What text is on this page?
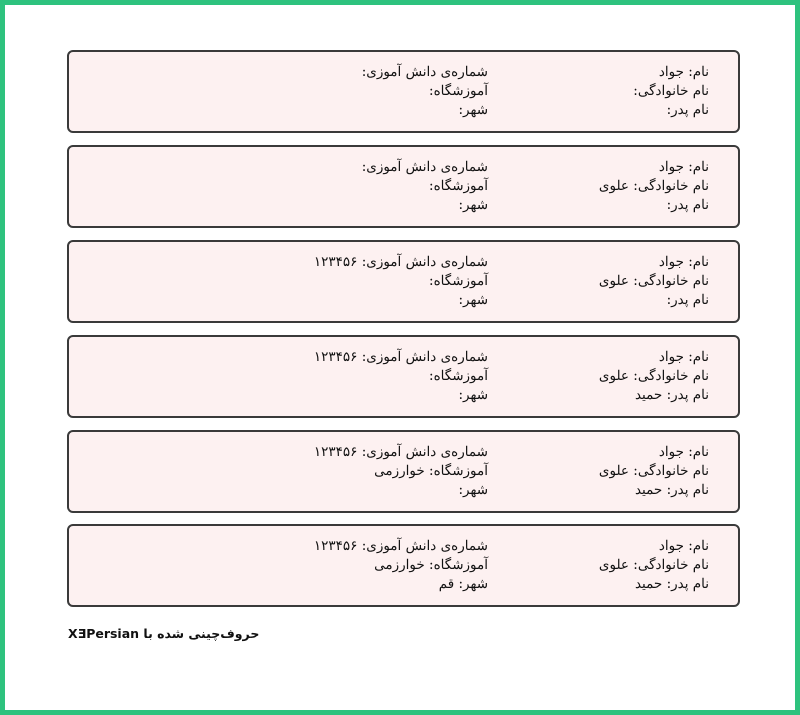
نام: جواد
نام خانوادگی:
نام پدر:
شماره‌ی دانش آموزی:
آموزشگاه:
شهر:
نام: جواد
نام خانوادگی: علوی
نام پدر:
شماره‌ی دانش آموزی:
آموزشگاه:
شهر:
نام: جواد
نام خانوادگی: علوی
نام پدر:
شماره‌ی دانش آموزی: ۱۲۳۴۵۶
آموزشگاه:
شهر:
نام: جواد
نام خانوادگی: علوی
نام پدر: حمید
شماره‌ی دانش آموزی: ۱۲۳۴۵۶
آموزشگاه:
شهر:
نام: جواد
نام خانوادگی: علوی
نام پدر: حمید
شماره‌ی دانش آموزی: ۱۲۳۴۵۶
آموزشگاه: خوارزمی
شهر:
نام: جواد
نام خانوادگی: علوی
نام پدر: حمید
شماره‌ی دانش آموزی: ۱۲۳۴۵۶
آموزشگاه: خوارزمی
شهر: قم
XEPersian حروف‌چینی شده با
